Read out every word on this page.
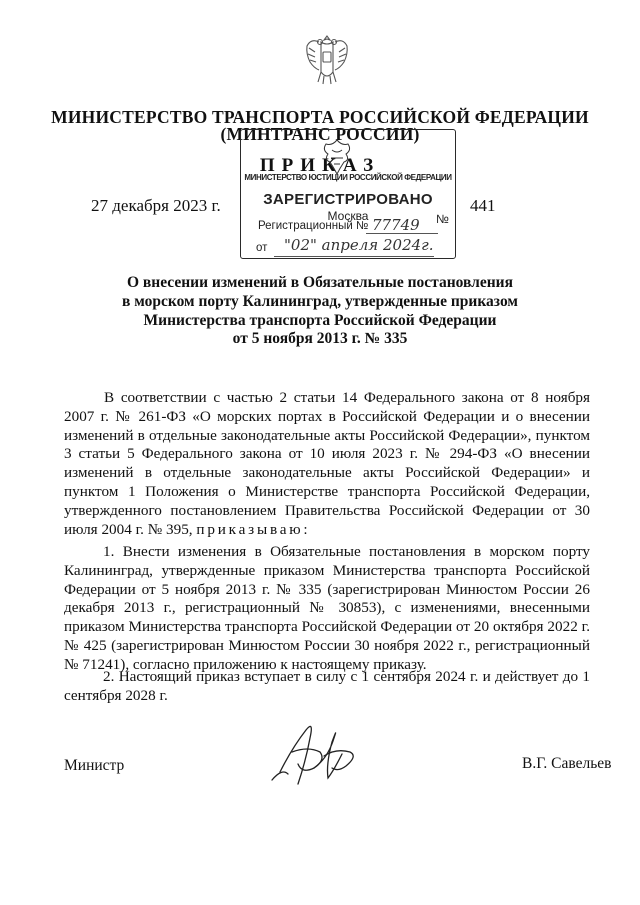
МИНИСТЕРСТВО ТРАНСПОРТА РОССИЙСКОЙ ФЕДЕРАЦИИ
(МИНТРАНС РОССИИ)
ПРИКАЗ
МИНИСТЕРСТВО ЮСТИЦИИ РОССИЙСКОЙ ФЕДЕРАЦИИ
ЗАРЕГИСТРИРОВАНО
Москва
Регистрационный № 77749 №
от "02" апреля 2024г.
27 декабря 2023 г.	441
О внесении изменений в Обязательные постановления
в морском порту Калининград, утвержденные приказом
Министерства транспорта Российской Федерации
от 5 ноября 2013 г. № 335
В соответствии с частью 2 статьи 14 Федерального закона от 8 ноября 2007 г. № 261-ФЗ «О морских портах в Российской Федерации и о внесении изменений в отдельные законодательные акты Российской Федерации», пунктом 3 статьи 5 Федерального закона от 10 июля 2023 г. № 294-ФЗ «О внесении изменений в отдельные законодательные акты Российской Федерации» и пунктом 1 Положения о Министерстве транспорта Российской Федерации, утвержденного постановлением Правительства Российской Федерации от 30 июля 2004 г. № 395, приказываю:
1. Внести изменения в Обязательные постановления в морском порту Калининград, утвержденные приказом Министерства транспорта Российской Федерации от 5 ноября 2013 г. № 335 (зарегистрирован Минюстом России 26 декабря 2013 г., регистрационный № 30853), с изменениями, внесенными приказом Министерства транспорта Российской Федерации от 20 октября 2022 г. № 425 (зарегистрирован Минюстом России 30 ноября 2022 г., регистрационный № 71241), согласно приложению к настоящему приказу.
2. Настоящий приказ вступает в силу с 1 сентября 2024 г. и действует до 1 сентября 2028 г.
Министр	В.Г. Савельев
